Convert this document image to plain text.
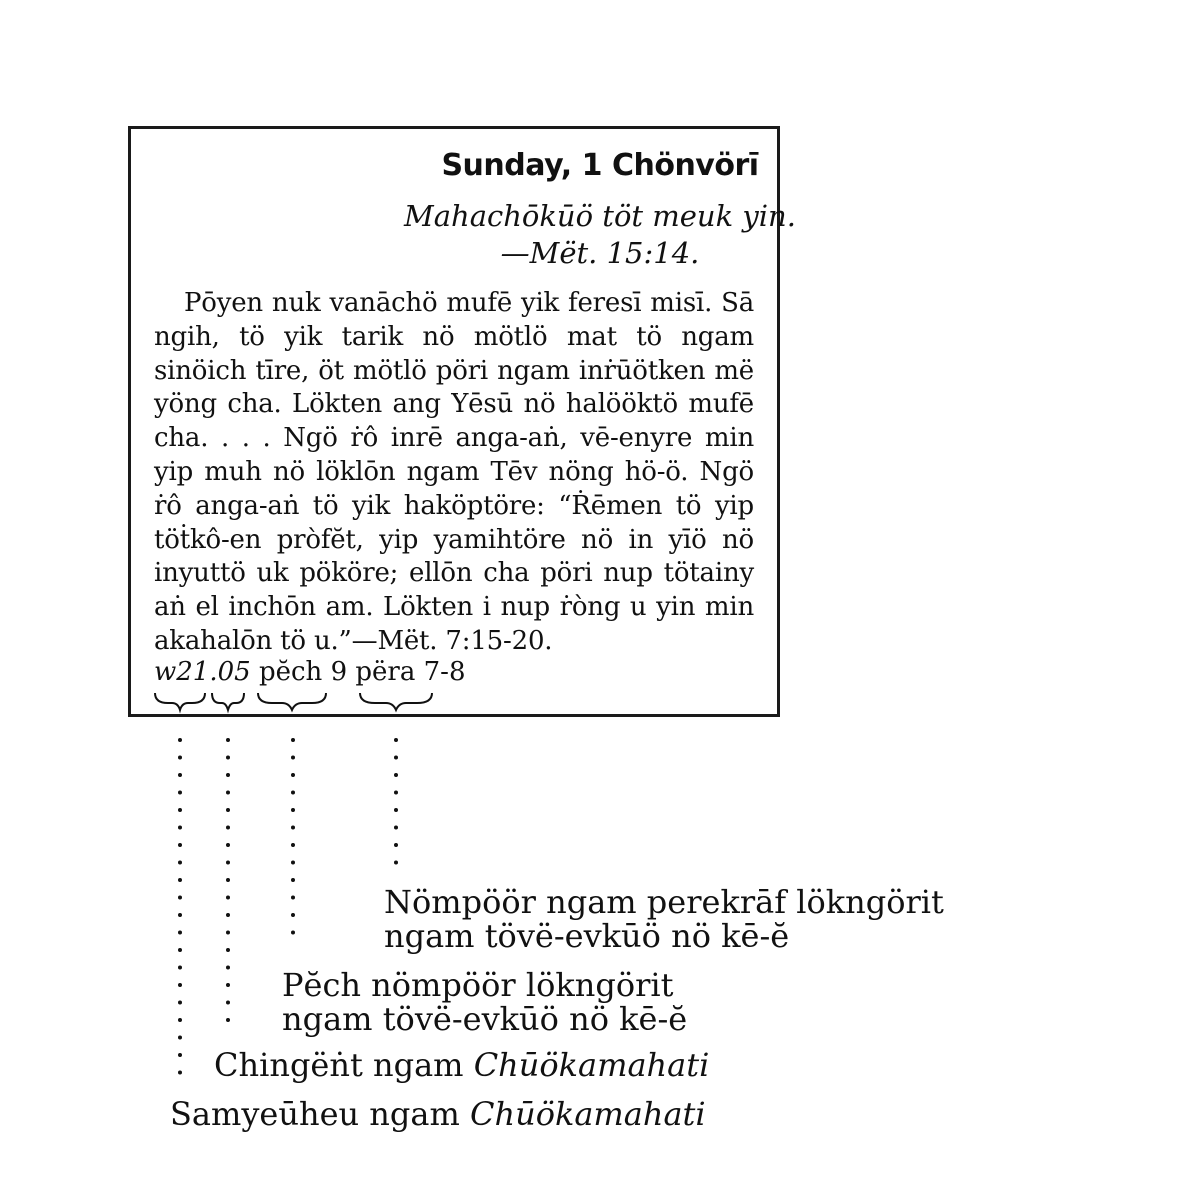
Sunday, 1 Chönvörī
Mahachōkūö töt meuk yin.
—Mët. 15:14.
Pōyen nuk vanāchö mufē yik feresī misī. Sā ngih, tö yik tarik nö mötlö mat tö ngam sinöich tīre, öt mötlö pöri ngam inṙūötken më yöng cha. Lökten ang Yēsū nö halööktö mufē cha. . . . Ngö ṙô inrē anga-aṅ, vē-enyre min yip muh nö löklōn ngam Tēv nöng hö-ö. Ngö ṙô anga-aṅ tö yik haköptöre: “Ṙēmen tö yip töṫkô-en pròfĕt, yip yamihtöre nö in yīö nö inyuttö uk pököre; ellōn cha pöri nup tötainy aṅ el inchōn am. Lökten i nup ṙòng u yin min akahalōn tö u.”—Mët. 7:15-20.
w21.05 pĕch 9 përa 7-8
Nömpöör ngam perekrāf lökngörit
ngam tövë-evkūö nö kē-ĕ
Pĕch nömpöör lökngörit
ngam tövë-evkūö nö kē-ĕ
Chingëṅt ngam Chūökamahati
Samyeūheu ngam Chūökamahati
